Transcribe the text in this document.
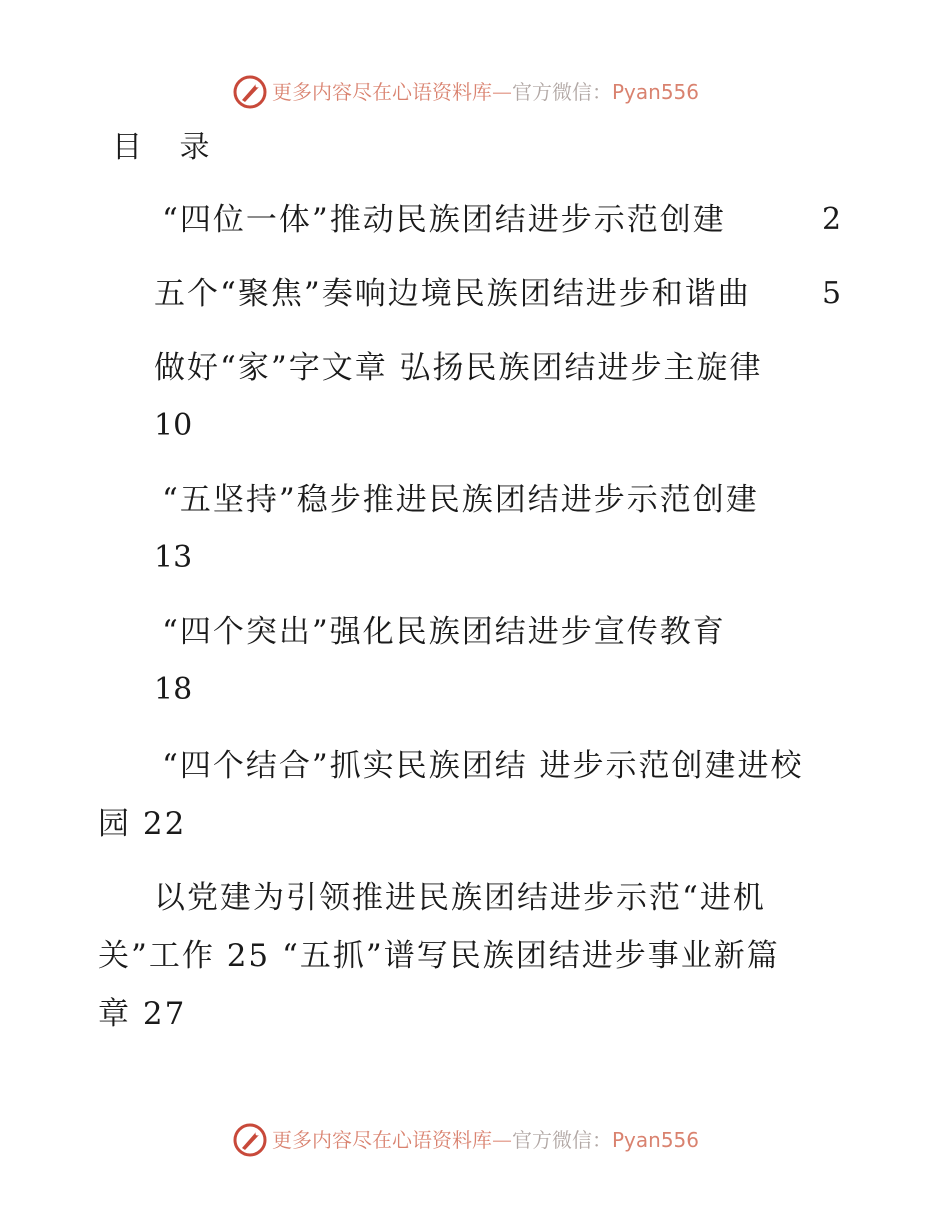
更多内容尽在心语资料库—官方微信：Pyan556
目 录
“四位一体”推动民族团结进步示范创建	2
五个“聚焦”奏响边境民族团结进步和谐曲 5
做好“家”字文章 弘扬民族团结进步主旋律
10
“五坚持”稳步推进民族团结进步示范创建
13
“四个突出”强化民族团结进步宣传教育
18
“四个结合”抓实民族团结 进步示范创建进校
园 22
以党建为引领推进民族团结进步示范“进机
关”工作 25 “五抓”谱写民族团结进步事业新篇
章 27
更多内容尽在心语资料库—官方微信：Pyan556
